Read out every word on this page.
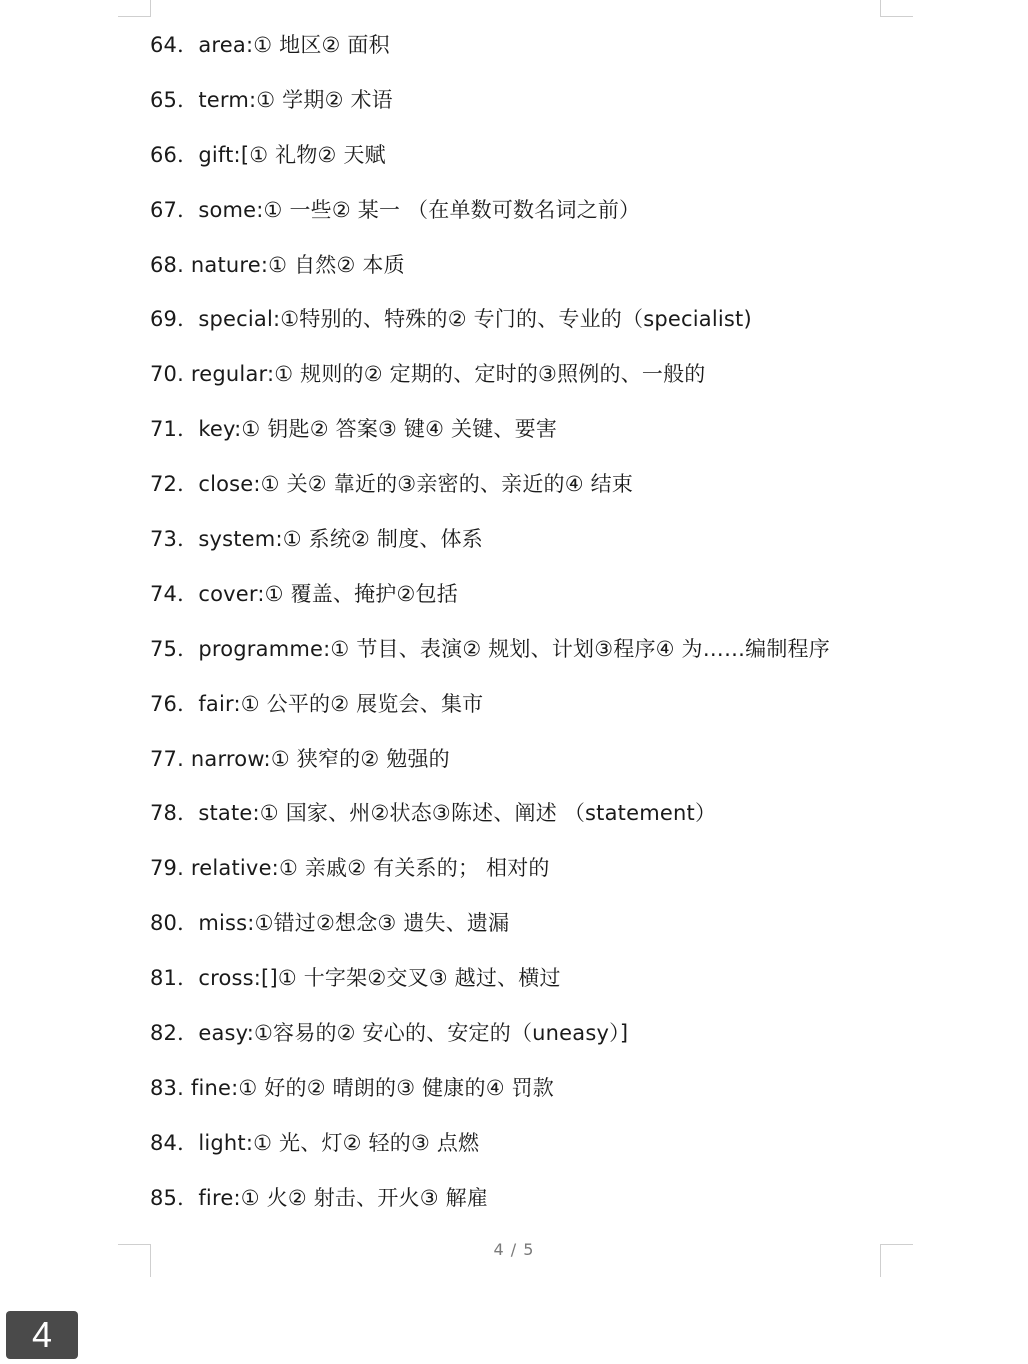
64．area:① 地区② 面积
65．term:① 学期② 术语
66．gift:[① 礼物② 天赋
67．some:① 一些② 某一 （在单数可数名词之前）
68. nature:① 自然② 本质
69．special:①特别的、特殊的② 专门的、专业的（specialist)
70. regular:① 规则的② 定期的、定时的③照例的、一般的
71．key:① 钥匙② 答案③ 键④ 关键、要害
72．close:① 关② 靠近的③亲密的、亲近的④ 结束
73．system:① 系统② 制度、体系
74．cover:① 覆盖、掩护②包括
75．programme:① 节目、表演② 规划、计划③程序④ 为……编制程序
76．fair:① 公平的② 展览会、集市
77. narrow:① 狭窄的② 勉强的
78．state:① 国家、州②状态③陈述、阐述 （statement）
79. relative:① 亲戚② 有关系的； 相对的
80．miss:①错过②想念③ 遗失、遗漏
81．cross:[]① 十字架②交叉③ 越过、横过
82．easy:①容易的② 安心的、安定的（uneasy）]
83. fine:① 好的② 晴朗的③ 健康的④ 罚款
84．light:① 光、灯② 轻的③ 点燃
85．fire:① 火② 射击、开火③ 解雇
4 / 5
4
